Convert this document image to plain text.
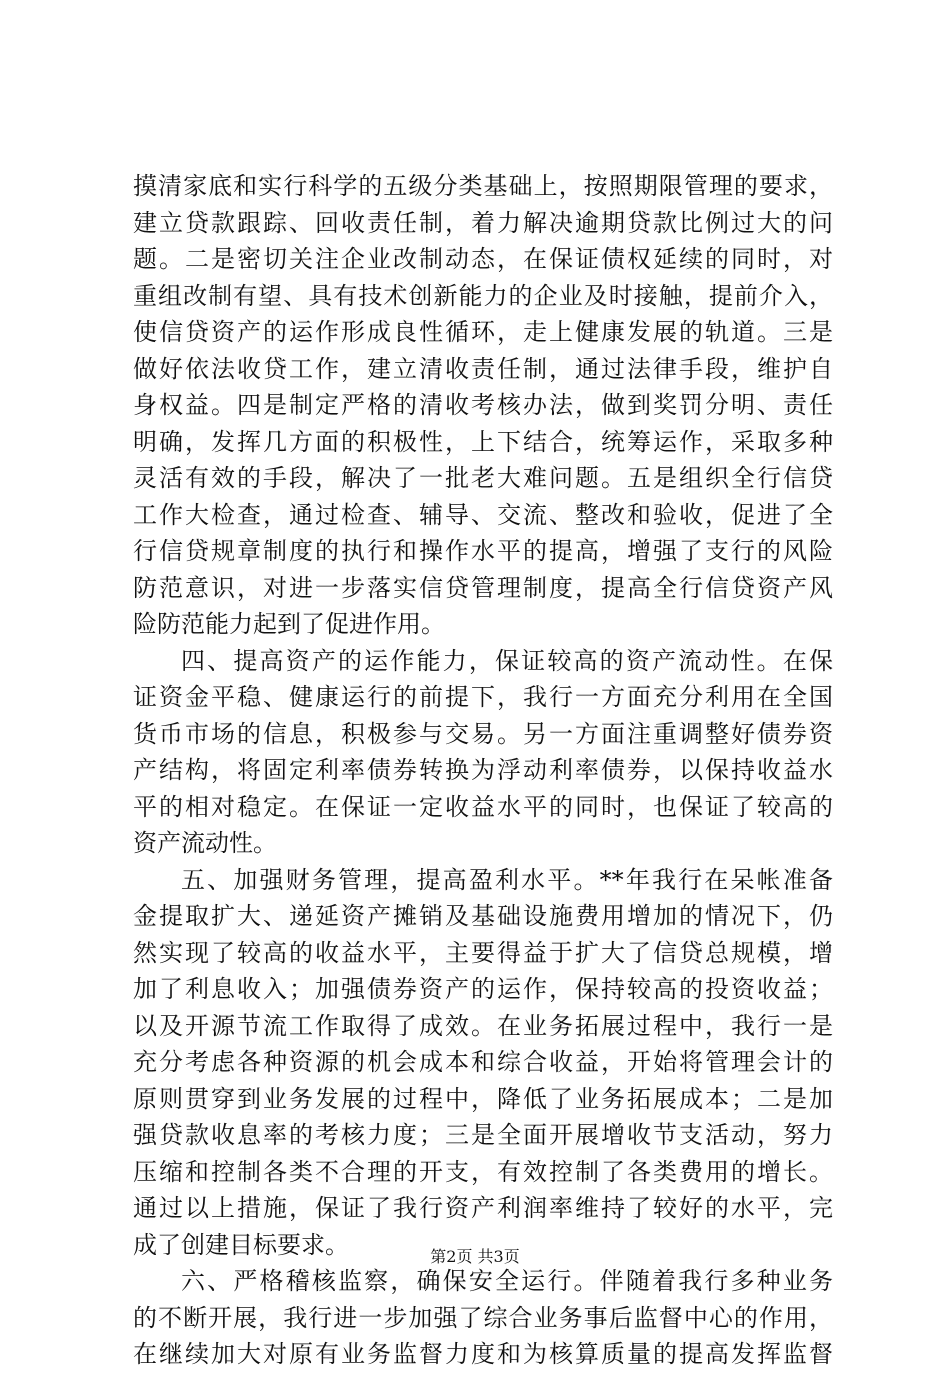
摸清家底和实行科学的五级分类基础上，按照期限管理的要求，
建立贷款跟踪、回收责任制，着力解决逾期贷款比例过大的问
题。二是密切关注企业改制动态，在保证债权延续的同时，对
重组改制有望、具有技术创新能力的企业及时接触，提前介入，
使信贷资产的运作形成良性循环，走上健康发展的轨道。三是
做好依法收贷工作，建立清收责任制，通过法律手段，维护自
身权益。四是制定严格的清收考核办法，做到奖罚分明、责任
明确，发挥几方面的积极性，上下结合，统筹运作，采取多种
灵活有效的手段，解决了一批老大难问题。五是组织全行信贷
工作大检查，通过检查、辅导、交流、整改和验收，促进了全
行信贷规章制度的执行和操作水平的提高，增强了支行的风险
防范意识，对进一步落实信贷管理制度，提高全行信贷资产风
险防范能力起到了促进作用。
四、提高资产的运作能力，保证较高的资产流动性。在保
证资金平稳、健康运行的前提下，我行一方面充分利用在全国
货币市场的信息，积极参与交易。另一方面注重调整好债券资
产结构，将固定利率债券转换为浮动利率债券，以保持收益水
平的相对稳定。在保证一定收益水平的同时，也保证了较高的
资产流动性。
五、加强财务管理，提高盈利水平。**年我行在呆帐准备
金提取扩大、递延资产摊销及基础设施费用增加的情况下，仍
然实现了较高的收益水平，主要得益于扩大了信贷总规模，增
加了利息收入；加强债券资产的运作，保持较高的投资收益；
以及开源节流工作取得了成效。在业务拓展过程中，我行一是
充分考虑各种资源的机会成本和综合收益，开始将管理会计的
原则贯穿到业务发展的过程中，降低了业务拓展成本；二是加
强贷款收息率的考核力度；三是全面开展增收节支活动，努力
压缩和控制各类不合理的开支，有效控制了各类费用的增长。
通过以上措施，保证了我行资产利润率维持了较好的水平，完
成了创建目标要求。
六、严格稽核监察，确保安全运行。伴随着我行多种业务
的不断开展，我行进一步加强了综合业务事后监督中心的作用，
在继续加大对原有业务监督力度和为核算质量的提高发挥监督
第2页 共3页
